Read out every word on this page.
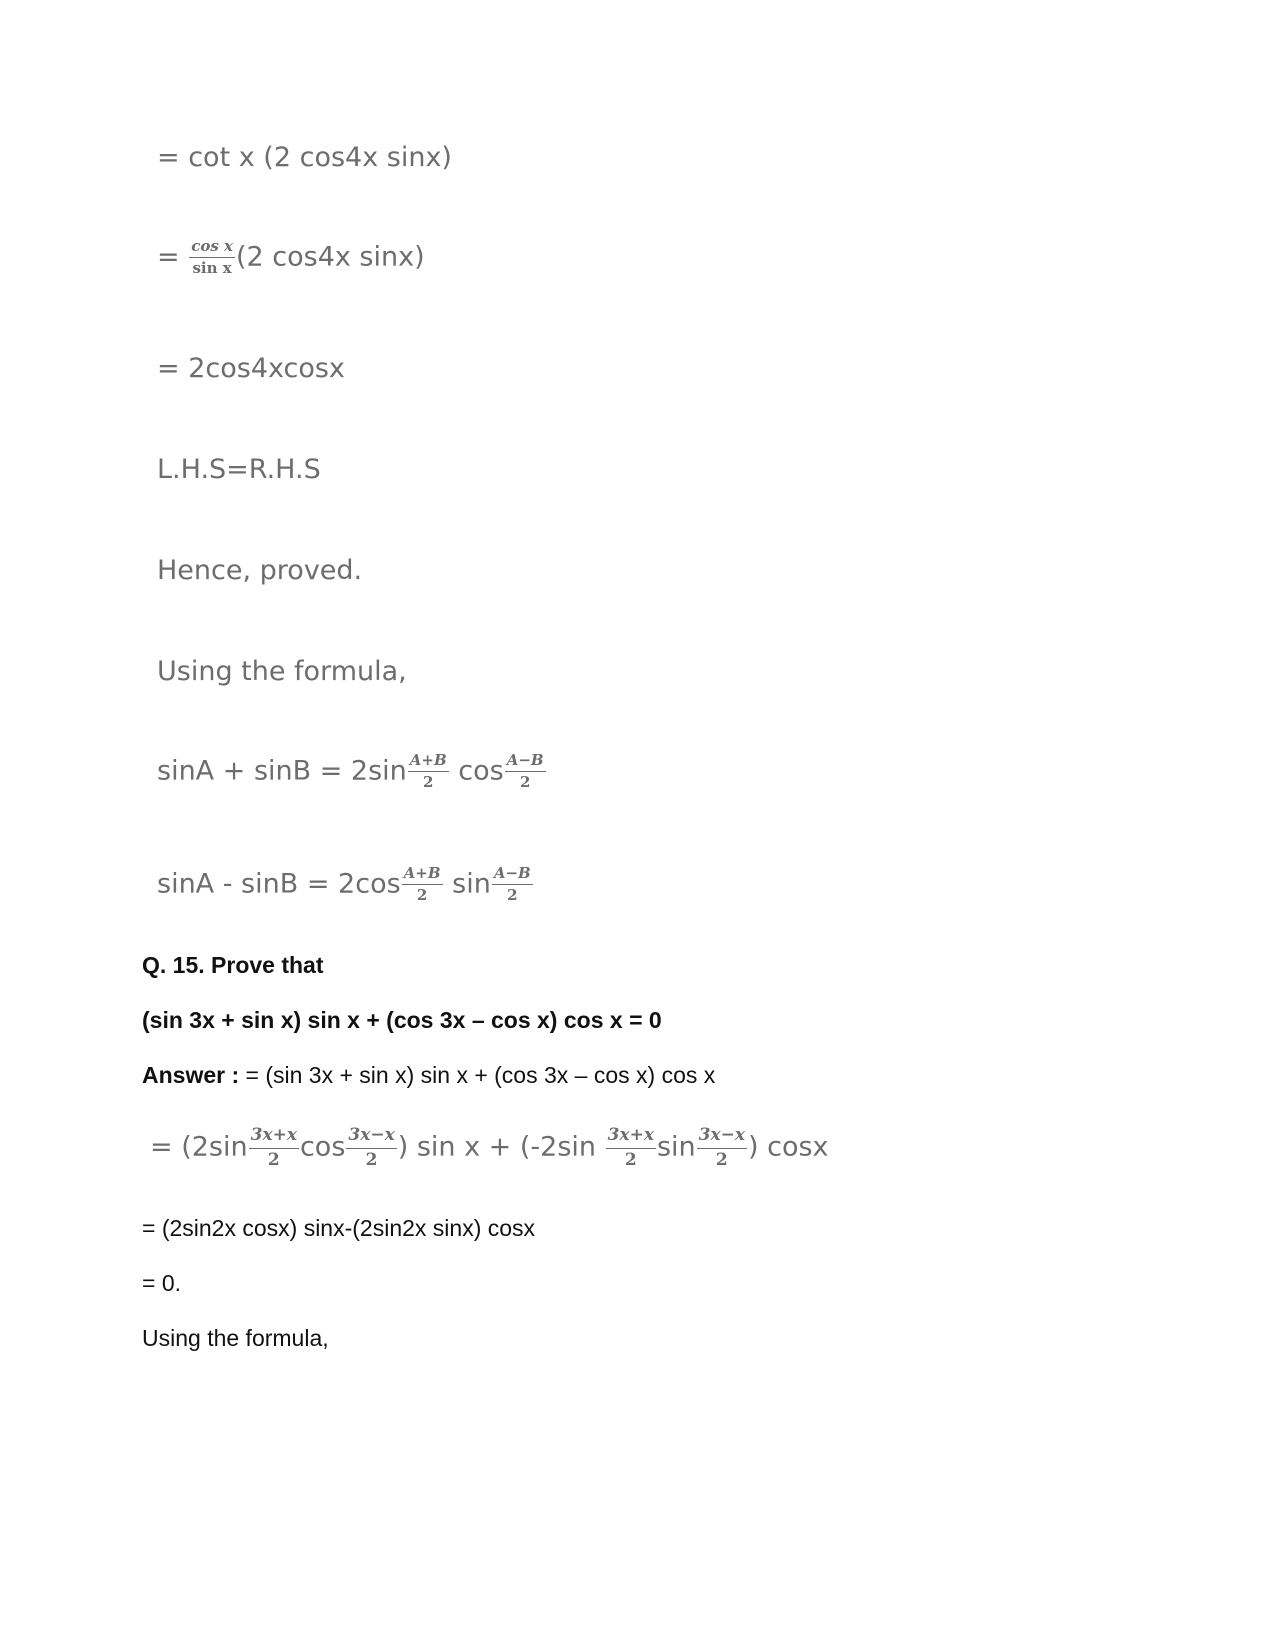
= cot x (2 cos4x sinx)
= $\frac{\text{cos x}}{\text{sin x}} (2$ cos4x sinx)
= 2cos4xcosx
L.H.S=R.H.S
Hence, proved.
Using the formula,
$\sin A + \sin B = 2\sin \frac{A+B}{2}$ $\cos \frac{A-B}{2}$
$\sin A - \sin B = 2\cos \frac{A+B}{2}$ $\sin \frac{A-B}{2}$
Q. 15. Prove that
(sin 3x + sin x) sin x + (cos 3x – cos x) cos x = 0
Answer : = (sin 3x + sin x) sin x + (cos 3x – cos x) cos x
= ($2\sin \frac{3x+x}{2}$ $\cos \frac{3x-x}{2}$ ) $\sin x + (-2\sin \frac{3x+x}{2}$ $\sin \frac{3x-x}{2}$ ) cosx
= (2sin2x cosx) sinx-(2sin2x sinx) cosx
= 0.
Using the formula,
